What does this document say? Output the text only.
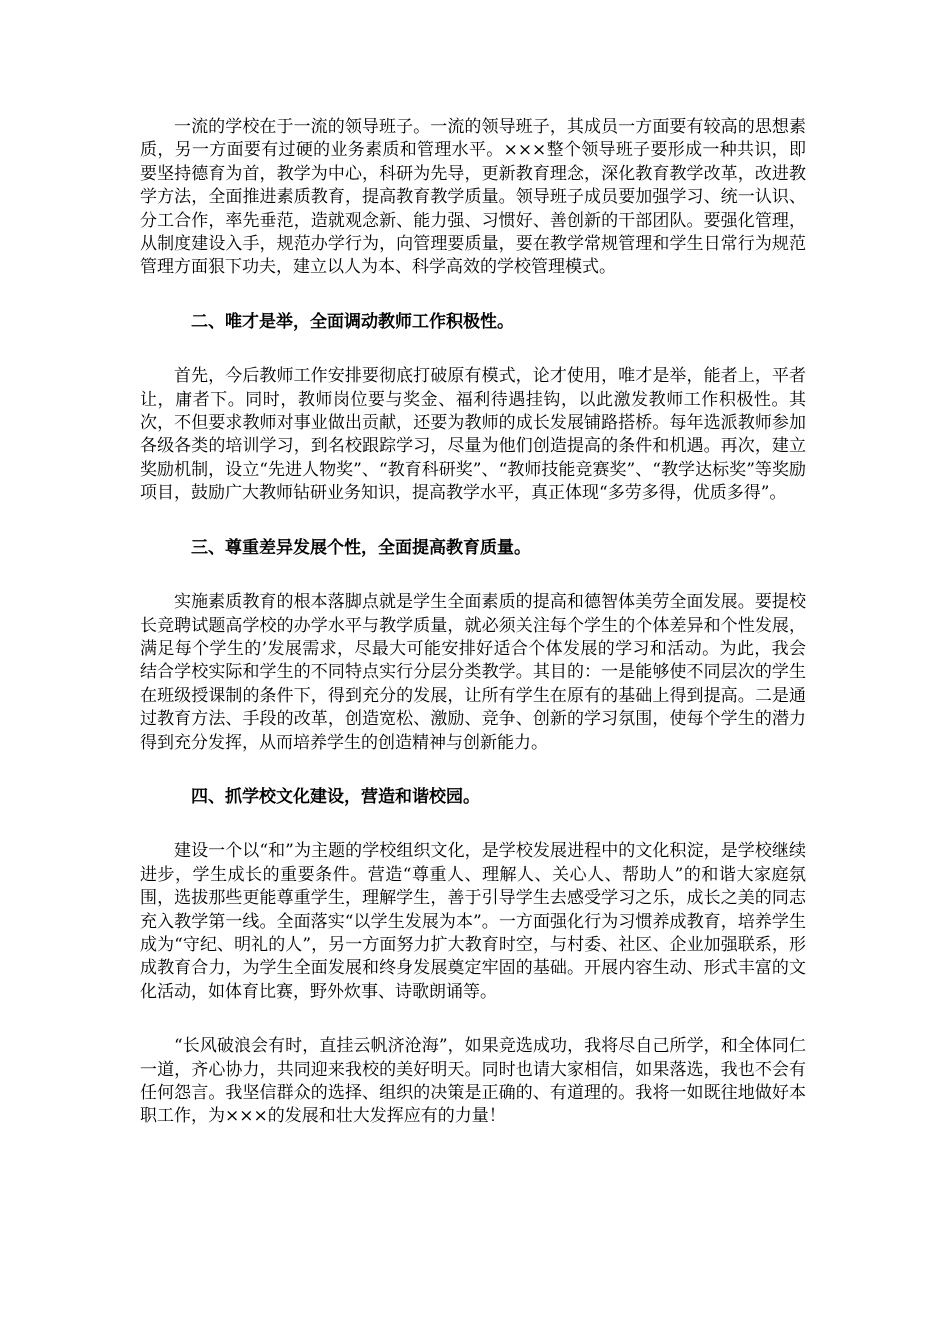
一流的学校在于一流的领导班子。一流的领导班子，其成员一方面要有较高的思想素质，另一方面要有过硬的业务素质和管理水平。×××整个领导班子要形成一种共识，即要坚持德育为首，教学为中心，科研为先导，更新教育理念，深化教育教学改革，改进教学方法，全面推进素质教育，提高教育教学质量。领导班子成员要加强学习、统一认识、分工合作，率先垂范，造就观念新、能力强、习惯好、善创新的干部团队。要强化管理，从制度建设入手，规范办学行为，向管理要质量，要在教学常规管理和学生日常行为规范管理方面狠下功夫，建立以人为本、科学高效的学校管理模式。

二、唯才是举，全面调动教师工作积极性。

首先，今后教师工作安排要彻底打破原有模式，论才使用，唯才是举，能者上，平者让，庸者下。同时，教师岗位要与奖金、福利待遇挂钩，以此激发教师工作积极性。其次，不但要求教师对事业做出贡献，还要为教师的成长发展铺路搭桥。每年选派教师参加各级各类的培训学习，到名校跟踪学习，尽量为他们创造提高的条件和机遇。再次，建立奖励机制，设立“先进人物奖”、“教育科研奖”、“教师技能竞赛奖”、“教学达标奖”等奖励项目，鼓励广大教师钻研业务知识，提高教学水平，真正体现“多劳多得，优质多得”。

三、尊重差异发展个性，全面提高教育质量。

实施素质教育的根本落脚点就是学生全面素质的提高和德智体美劳全面发展。要提校长竞聘试题高学校的办学水平与教学质量，就必须关注每个学生的个体差异和个性发展，满足每个学生的’发展需求，尽最大可能安排好适合个体发展的学习和活动。为此，我会结合学校实际和学生的不同特点实行分层分类教学。其目的：一是能够使不同层次的学生在班级授课制的条件下，得到充分的发展，让所有学生在原有的基础上得到提高。二是通过教育方法、手段的改革，创造宽松、激励、竞争、创新的学习氛围，使每个学生的潜力得到充分发挥，从而培养学生的创造精神与创新能力。

四、抓学校文化建设，营造和谐校园。

建设一个以“和”为主题的学校组织文化，是学校发展进程中的文化积淀，是学校继续进步，学生成长的重要条件。营造“尊重人、理解人、关心人、帮助人”的和谐大家庭氛围，选拔那些更能尊重学生，理解学生，善于引导学生去感受学习之乐，成长之美的同志充入教学第一线。全面落实“以学生发展为本”。一方面强化行为习惯养成教育，培养学生成为“守纪、明礼的人”，另一方面努力扩大教育时空，与村委、社区、企业加强联系，形成教育合力，为学生全面发展和终身发展奠定牢固的基础。开展内容生动、形式丰富的文化活动，如体育比赛，野外炊事、诗歌朗诵等。

“长风破浪会有时，直挂云帆济沧海”，如果竞选成功，我将尽自己所学，和全体同仁一道，齐心协力，共同迎来我校的美好明天。同时也请大家相信，如果落选，我也不会有任何怨言。我坚信群众的选择、组织的决策是正确的、有道理的。我将一如既往地做好本职工作，为×××的发展和壮大发挥应有的力量！
